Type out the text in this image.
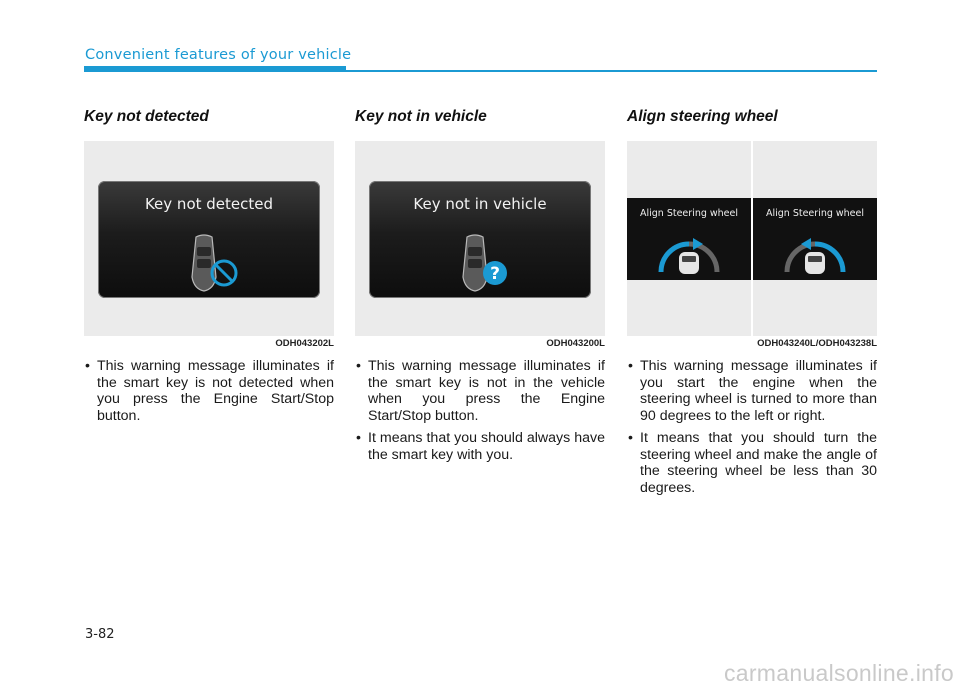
Convenient features of your vehicle
Key not detected
Key not detected
ODH043202L
• This warning message illuminates if the smart key is not detected when you press the Engine Start/Stop button.
Key not in vehicle
Key not in vehicle
?
ODH043200L
• This warning message illuminates if the smart key is not in the vehicle when you press the Engine Start/Stop button.
• It means that you should always have the smart key with you.
Align steering wheel
Align Steering wheel	Align Steering wheel
ODH043240L/ODH043238L
• This warning message illuminates if you start the engine when the steering wheel is turned to more than 90 degrees to the left or right.
• It means that you should turn the steering wheel and make the angle of the steering wheel be less than 30 degrees.
3-82
carmanualsonline.info
